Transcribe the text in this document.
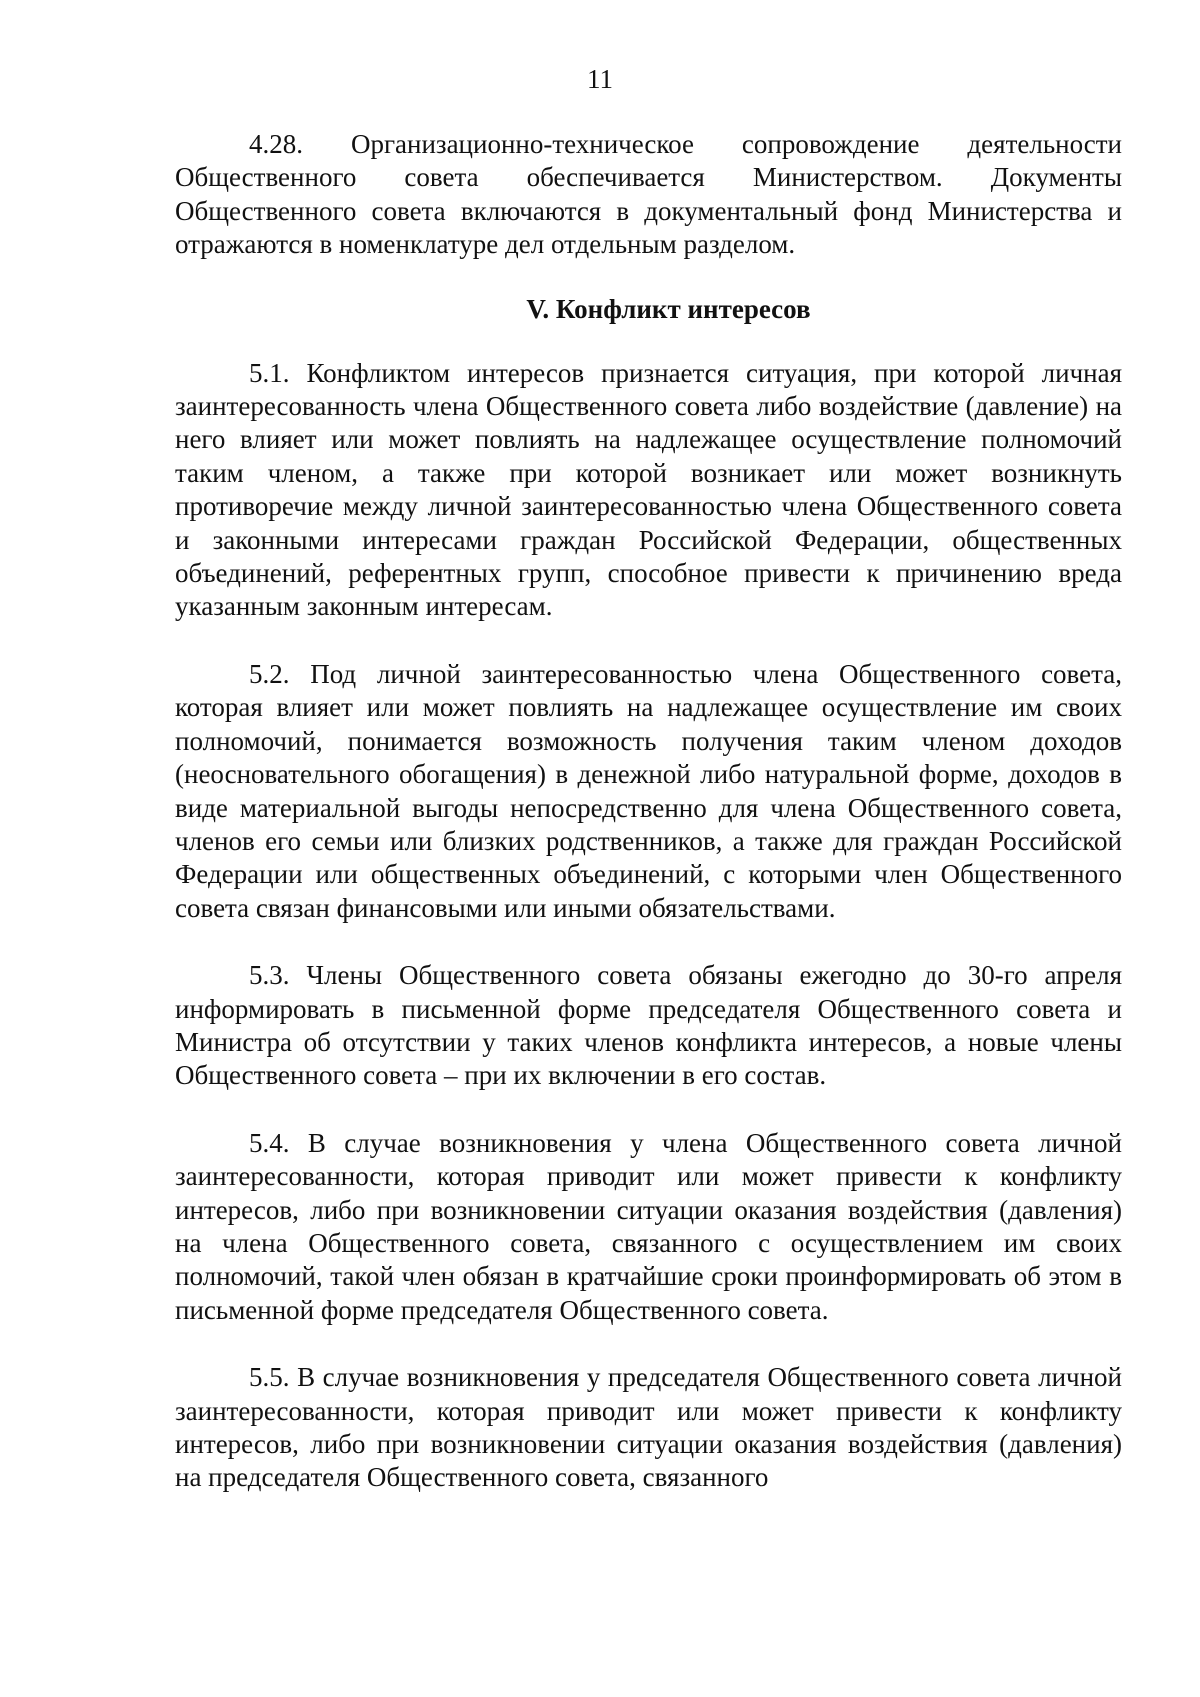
11

4.28. Организационно-техническое сопровождение деятельности Общественного совета обеспечивается Министерством. Документы Общественного совета включаются в документальный фонд Министерства и отражаются в номенклатуре дел отдельным разделом.

V. Конфликт интересов

5.1. Конфликтом интересов признается ситуация, при которой личная заинтересованность члена Общественного совета либо воздействие (давление) на него влияет или может повлиять на надлежащее осуществление полномочий таким членом, а также при которой возникает или может возникнуть противоречие между личной заинтересованностью члена Общественного совета и законными интересами граждан Российской Федерации, общественных объединений, референтных групп, способное привести к причинению вреда указанным законным интересам.

5.2. Под личной заинтересованностью члена Общественного совета, которая влияет или может повлиять на надлежащее осуществление им своих полномочий, понимается возможность получения таким членом доходов (неосновательного обогащения) в денежной либо натуральной форме, доходов в виде материальной выгоды непосредственно для члена Общественного совета, членов его семьи или близких родственников, а также для граждан Российской Федерации или общественных объединений, с которыми член Общественного совета связан финансовыми или иными обязательствами.

5.3. Члены Общественного совета обязаны ежегодно до 30-го апреля информировать в письменной форме председателя Общественного совета и Министра об отсутствии у таких членов конфликта интересов, а новые члены Общественного совета – при их включении в его состав.

5.4. В случае возникновения у члена Общественного совета личной заинтересованности, которая приводит или может привести к конфликту интересов, либо при возникновении ситуации оказания воздействия (давления) на члена Общественного совета, связанного с осуществлением им своих полномочий, такой член обязан в кратчайшие сроки проинформировать об этом в письменной форме председателя Общественного совета.

5.5. В случае возникновения у председателя Общественного совета личной заинтересованности, которая приводит или может привести к конфликту интересов, либо при возникновении ситуации оказания воздействия (давления) на председателя Общественного совета, связанного
